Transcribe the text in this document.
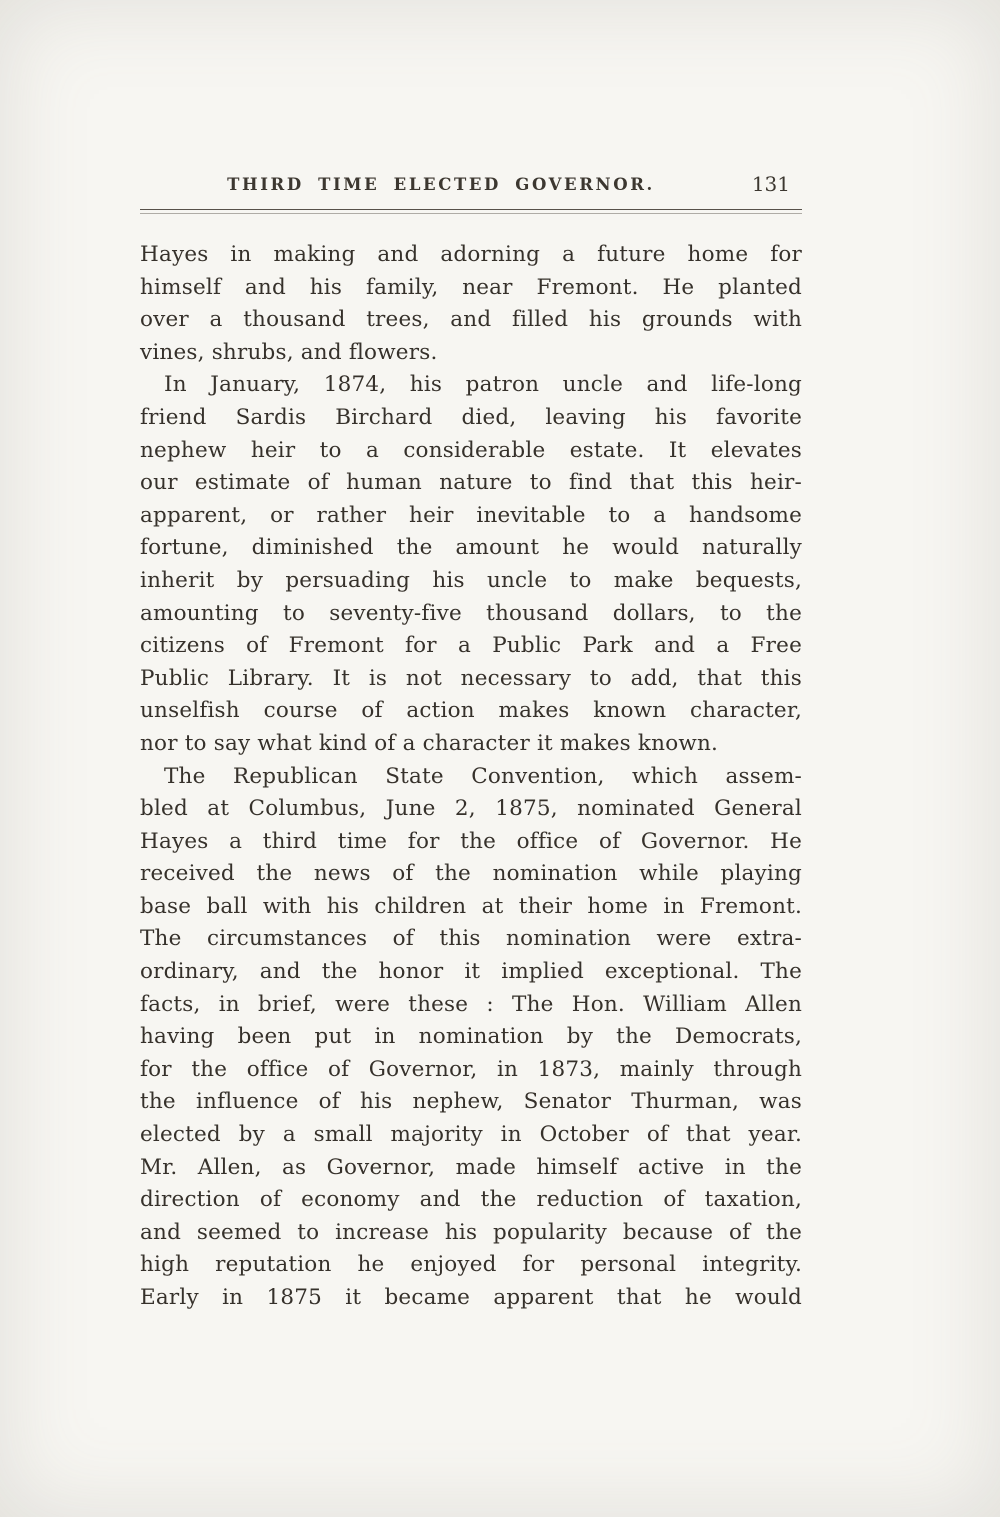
THIRD TIME ELECTED GOVERNOR.	131
Hayes in making and adorning a future home for
himself and his family, near Fremont. He planted
over a thousand trees, and filled his grounds with
vines, shrubs, and flowers.
In January, 1874, his patron uncle and life-long
friend Sardis Birchard died, leaving his favorite
nephew heir to a considerable estate. It elevates
our estimate of human nature to find that this heir-
apparent, or rather heir inevitable to a handsome
fortune, diminished the amount he would naturally
inherit by persuading his uncle to make bequests,
amounting to seventy-five thousand dollars, to the
citizens of Fremont for a Public Park and a Free
Public Library. It is not necessary to add, that this
unselfish course of action makes known character,
nor to say what kind of a character it makes known.
The Republican State Convention, which assem-
bled at Columbus, June 2, 1875, nominated General
Hayes a third time for the office of Governor. He
received the news of the nomination while playing
base ball with his children at their home in Fremont.
The circumstances of this nomination were extra-
ordinary, and the honor it implied exceptional. The
facts, in brief, were these : The Hon. William Allen
having been put in nomination by the Democrats,
for the office of Governor, in 1873, mainly through
the influence of his nephew, Senator Thurman, was
elected by a small majority in October of that year.
Mr. Allen, as Governor, made himself active in the
direction of economy and the reduction of taxation,
and seemed to increase his popularity because of the
high reputation he enjoyed for personal integrity.
Early in 1875 it became apparent that he would
